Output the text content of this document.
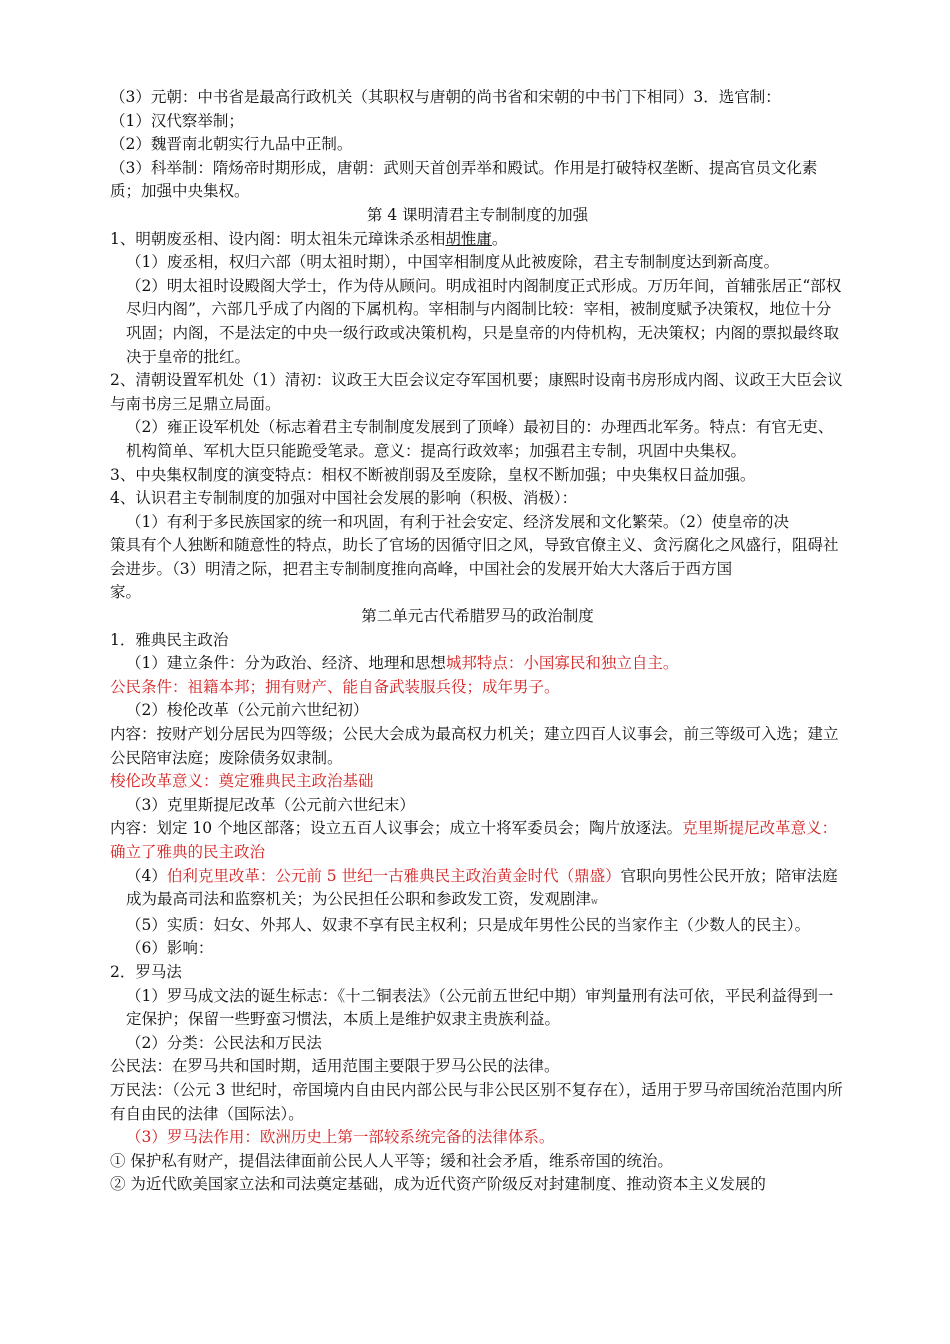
（3）元朝：中书省是最高行政机关（其职权与唐朝的尚书省和宋朝的中书门下相同）3．选官制：

（1）汉代察举制；

（2）魏晋南北朝实行九品中正制。

（3）科举制：隋炀帝时期形成，唐朝：武则天首创弄举和殿试。作用是打破特权垄断、提高官员文化素质；加强中央集权。

第 4 课明清君主专制制度的加强

1、明朝废丞相、设内阁：明太祖朱元璋诛杀丞相胡惟庸。

（1）废丞相，权归六部（明太祖时期），中国宰相制度从此被废除，君主专制制度达到新高度。

（2）明太祖时设殿阁大学士，作为侍从顾问。明成祖时内阁制度正式形成。万历年间，首辅张居正“部权尽归内阁”，六部几乎成了内阁的下属机构。宰相制与内阁制比较：宰相，被制度赋予决策权，地位十分巩固；内阁，不是法定的中央一级行政或决策机构，只是皇帝的内侍机构，无决策权；内阁的票拟最终取决于皇帝的批红。

2、清朝设置军机处（1）清初：议政王大臣会议定夺军国机要；康熙时设南书房形成内阁、议政王大臣会议与南书房三足鼎立局面。

（2）雍正设军机处（标志着君主专制制度发展到了顶峰）最初目的：办理西北军务。特点：有官无吏、机构简单、军机大臣只能跪受笔录。意义：提高行政效率；加强君主专制，巩固中央集权。

3、中央集权制度的演变特点：相权不断被削弱及至废除，皇权不断加强；中央集权日益加强。

4、认识君主专制制度的加强对中国社会发展的影响（积极、消极）：

（1）有利于多民族国家的统一和巩固，有利于社会安定、经济发展和文化繁荣。（2）使皇帝的决

策具有个人独断和随意性的特点，助长了官场的因循守旧之风，导致官僚主义、贪污腐化之风盛行，阻碍社会进步。（3）明清之际，把君主专制制度推向高峰，中国社会的发展开始大大落后于西方国

家。

第二单元古代希腊罗马的政治制度

1．雅典民主政治

（1）建立条件：分为政治、经济、地理和思想城邦特点：小国寡民和独立自主。

公民条件：祖籍本邦；拥有财产、能自备武装服兵役；成年男子。

（2）梭伦改革（公元前六世纪初）

内容：按财产划分居民为四等级；公民大会成为最高权力机关；建立四百人议事会，前三等级可入选；建立公民陪审法庭；废除债务奴隶制。

梭伦改革意义：奠定雅典民主政治基础

（3）克里斯提尼改革（公元前六世纪末）

内容：划定 10 个地区部落；设立五百人议事会；成立十将军委员会；陶片放逐法。克里斯提尼改革意义：确立了雅典的民主政治

（4）伯利克里改革：公元前 5 世纪一古雅典民主政治黄金时代（鼎盛）官职向男性公民开放；陪审法庭成为最高司法和监察机关；为公民担任公职和参政发工资，发观剧津w

（5）实质：妇女、外邦人、奴隶不享有民主权利；只是成年男性公民的当家作主（少数人的民主）。

（6）影响：

2．罗马法

（1）罗马成文法的诞生标志：《十二铜表法》（公元前五世纪中期）审判量刑有法可依，平民利益得到一定保护；保留一些野蛮习惯法，本质上是维护奴隶主贵族利益。

（2）分类：公民法和万民法

公民法：在罗马共和国时期，适用范围主要限于罗马公民的法律。

万民法：（公元 3 世纪时，帝国境内自由民内部公民与非公民区别不复存在），适用于罗马帝国统治范围内所有自由民的法律（国际法）。

（3）罗马法作用：欧洲历史上第一部较系统完备的法律体系。

① 保护私有财产，提倡法律面前公民人人平等；缓和社会矛盾，维系帝国的统治。

② 为近代欧美国家立法和司法奠定基础，成为近代资产阶级反对封建制度、推动资本主义发展的
